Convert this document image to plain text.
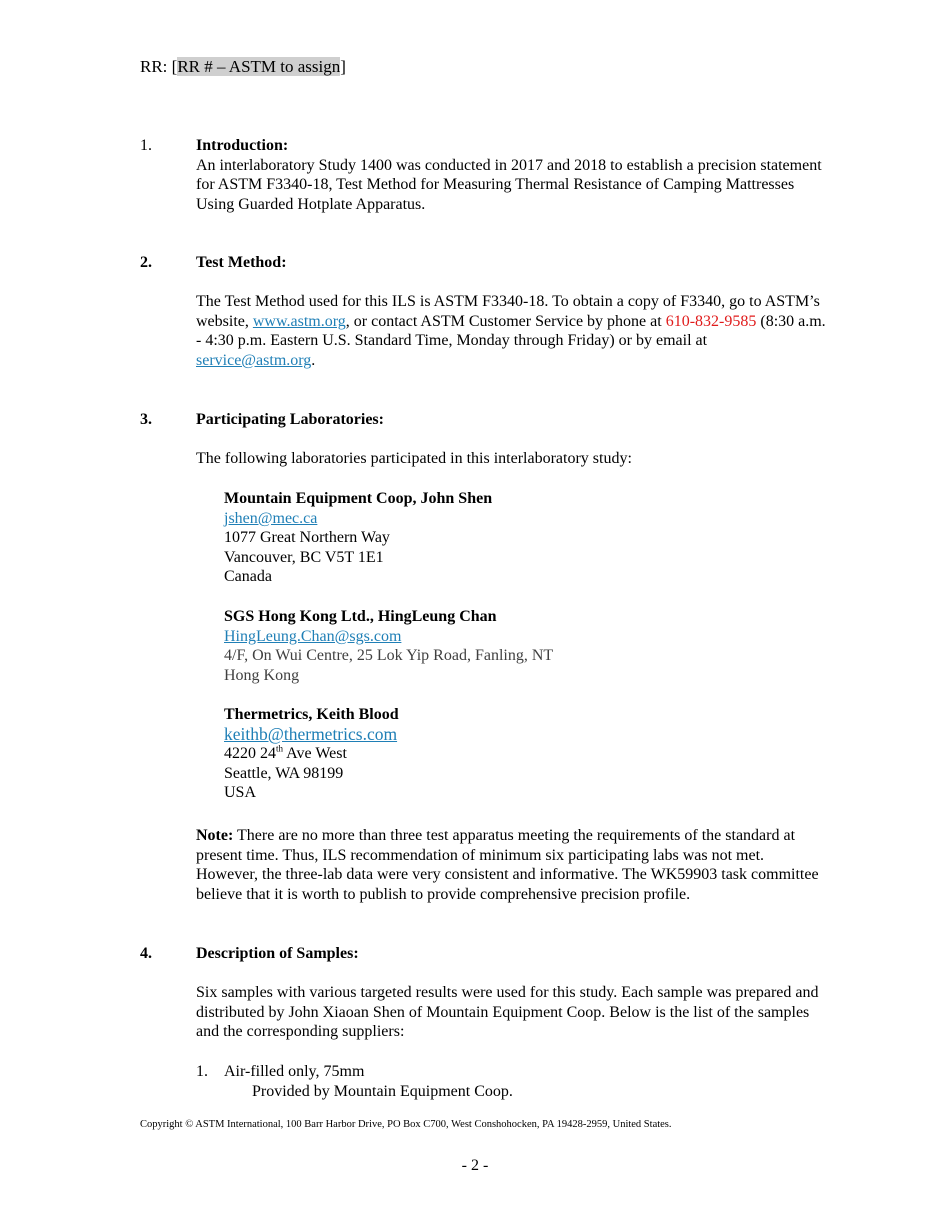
RR: [RR # – ASTM to assign]
1.	Introduction:

An interlaboratory Study 1400 was conducted in 2017 and 2018 to establish a precision statement for ASTM F3340-18, Test Method for Measuring Thermal Resistance of Camping Mattresses Using Guarded Hotplate Apparatus.

2.	Test Method:

The Test Method used for this ILS is ASTM F3340-18. To obtain a copy of F3340, go to ASTM’s website, www.astm.org, or contact ASTM Customer Service by phone at 610-832-9585 (8:30 a.m. - 4:30 p.m. Eastern U.S. Standard Time, Monday through Friday) or by email at service@astm.org.

3.	Participating Laboratories:

The following laboratories participated in this interlaboratory study:

Mountain Equipment Coop, John Shen

jshen@mec.ca

1077 Great Northern Way

Vancouver, BC V5T 1E1

Canada

SGS Hong Kong Ltd., HingLeung Chan

HingLeung.Chan@sgs.com

4/F, On Wui Centre, 25 Lok Yip Road, Fanling, NT

Hong Kong

Thermetrics, Keith Blood

keithb@thermetrics.com

4220 24th Ave West

Seattle, WA 98199

USA

Note: There are no more than three test apparatus meeting the requirements of the standard at present time. Thus, ILS recommendation of minimum six participating labs was not met. However, the three-lab data were very consistent and informative. The WK59903 task committee believe that it is worth to publish to provide comprehensive precision profile.

4.	Description of Samples:

Six samples with various targeted results were used for this study. Each sample was prepared and distributed by John Xiaoan Shen of Mountain Equipment Coop. Below is the list of the samples and the corresponding suppliers:

1. Air-filled only, 75mm

Provided by Mountain Equipment Coop.

Copyright © ASTM International, 100 Barr Harbor Drive, PO Box C700, West Conshohocken, PA 19428-2959, United States.
- 2 -
